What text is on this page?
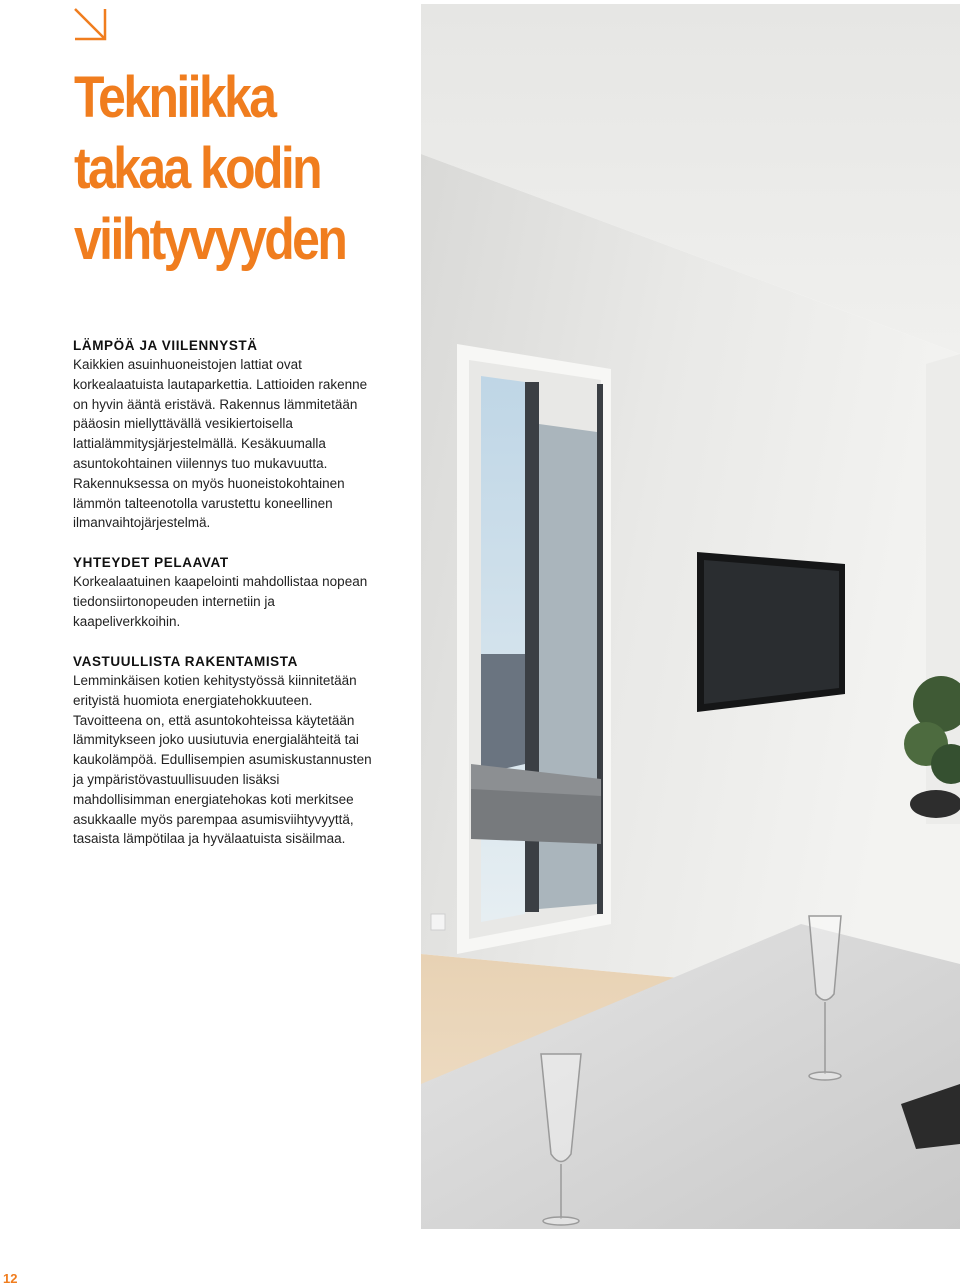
Tekniikka
takaa kodin
viihtyvyyden
LÄMPÖÄ JA VIILENNYSTÄ

Kaikkien asuinhuoneistojen lattiat ovat
korkealaatuista lautaparkettia. Lattioiden rakenne
on hyvin ääntä eristävä. Rakennus lämmitetään
pääosin miellyttävällä vesikiertoisella
lattialämmitysjärjestelmällä. Kesäkuumalla
asuntokohtainen viilennys tuo mukavuutta.
Rakennuksessa on myös huoneistokohtainen
lämmön talteenotolla varustettu koneellinen
ilmanvaihtojärjestelmä.

YHTEYDET PELAAVAT

Korkealaatuinen kaapelointi mahdollistaa nopean
tiedonsiirtonopeuden internetiin ja
kaapeliverkkoihin.

VASTUULLISTA RAKENTAMISTA

Lemminkäisen kotien kehitystyössä kiinnitetään
erityistä huomiota energiatehokkuuteen.
Tavoitteena on, että asuntokohteissa käytetään
lämmitykseen joko uusiutuvia energialähteitä tai
kaukolämpöä. Edullisempien asumiskustannusten
ja ympäristövastuullisuuden lisäksi
mahdollisimman energiatehokas koti merkitsee
asukkaalle myös parempaa asumisviihtyvyyttä,
tasaista lämpötilaa ja hyvälaatuista sisäilmaa.

12
